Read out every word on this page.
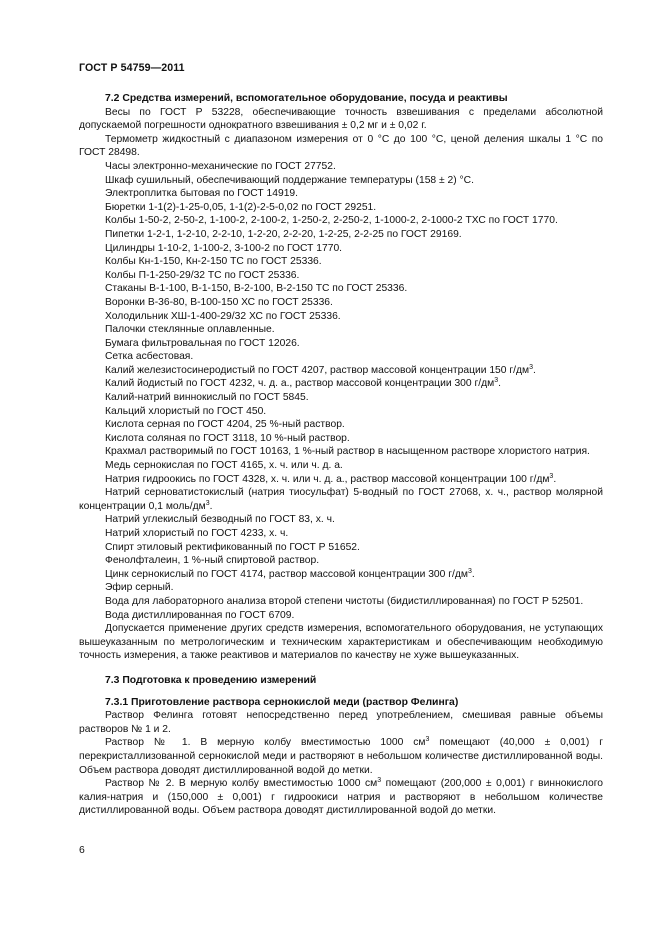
ГОСТ Р 54759—2011
7.2 Средства измерений, вспомогательное оборудование, посуда и реактивы

Весы по ГОСТ Р 53228, обеспечивающие точность взвешивания с пределами абсолютной допускаемой погрешности однократного взвешивания ± 0,2 мг и ± 0,02 г.

Термометр жидкостный с диапазоном измерения от 0 °С до 100 °С, ценой деления шкалы 1 °С по ГОСТ 28498.

Часы электронно-механические по ГОСТ 27752.

Шкаф сушильный, обеспечивающий поддержание температуры (158 ± 2) °С.

Электроплитка бытовая по ГОСТ 14919.

Бюретки 1-1(2)-1-25-0,05, 1-1(2)-2-5-0,02 по ГОСТ 29251.

Колбы 1-50-2, 2-50-2, 1-100-2, 2-100-2, 1-250-2, 2-250-2, 1-1000-2, 2-1000-2 ТХС по ГОСТ 1770.

Пипетки 1-2-1, 1-2-10, 2-2-10, 1-2-20, 2-2-20, 1-2-25, 2-2-25 по ГОСТ 29169.

Цилиндры 1-10-2, 1-100-2, 3-100-2 по ГОСТ 1770.

Колбы Кн-1-150, Кн-2-150 ТС по ГОСТ 25336.

Колбы П-1-250-29/32 ТС по ГОСТ 25336.

Стаканы В-1-100, В-1-150, В-2-100, В-2-150 ТС по ГОСТ 25336.

Воронки В-36-80, В-100-150 ХС по ГОСТ 25336.

Холодильник ХШ-1-400-29/32 ХС по ГОСТ 25336.

Палочки стеклянные оплавленные.

Бумага фильтровальная по ГОСТ 12026.

Сетка асбестовая.

Калий железистосинеродистый по ГОСТ 4207, раствор массовой концентрации 150 $г/дм^3$.

Калий йодистый по ГОСТ 4232, ч. д. а., раствор массовой концентрации 300 $г/дм^3$.

Калий-натрий виннокислый по ГОСТ 5845.

Кальций хлористый по ГОСТ 450.

Кислота серная по ГОСТ 4204, 25 %-ный раствор.

Кислота соляная по ГОСТ 3118, 10 %-ный раствор.

Крахмал растворимый по ГОСТ 10163, 1 %-ный раствор в насыщенном растворе хлористого натрия.

Медь сернокислая по ГОСТ 4165, х. ч. или ч. д. а.

Натрия гидроокись по ГОСТ 4328, х. ч. или ч. д. а., раствор массовой концентрации 100 $г/дм^3$.

Натрий серноватистокислый (натрия тиосульфат) 5-водный по ГОСТ 27068, х. ч., раствор молярной концентрации 0,1 моль/$дм^3$.

Натрий углекислый безводный по ГОСТ 83, х. ч.

Натрий хлористый по ГОСТ 4233, х. ч.

Спирт этиловый ректификованный по ГОСТ Р 51652.

Фенолфталеин, 1 %-ный спиртовой раствор.

Цинк сернокислый по ГОСТ 4174, раствор массовой концентрации 300 $г/дм^3$.

Эфир серный.

Вода для лабораторного анализа второй степени чистоты (бидистиллированная) по ГОСТ Р 52501.

Вода дистиллированная по ГОСТ 6709.

Допускается применение других средств измерения, вспомогательного оборудования, не уступающих вышеуказанным по метрологическим и техническим характеристикам и обеспечивающим необходимую точность измерения, а также реактивов и материалов по качеству не хуже вышеуказанных.

7.3 Подготовка к проведению измерений
7.3.1 Приготовление раствора сернокислой меди (раствор Фелинга)

Раствор Фелинга готовят непосредственно перед употреблением, смешивая равные объемы растворов № 1 и 2.

Раствор № 1. В мерную колбу вместимостью 1000 $см^3$ помещают (40,000 ± 0,001) г перекристаллизованной сернокислой меди и растворяют в небольшом количестве дистиллированной воды. Объем раствора доводят дистиллированной водой до метки.

Раствор № 2. В мерную колбу вместимостью 1000 $см^3$ помещают (200,000 ± 0,001) г виннокислого калия-натрия и (150,000 ± 0,001) г гидроокиси натрия и растворяют в небольшом количестве дистиллированной воды. Объем раствора доводят дистиллированной водой до метки.

6
